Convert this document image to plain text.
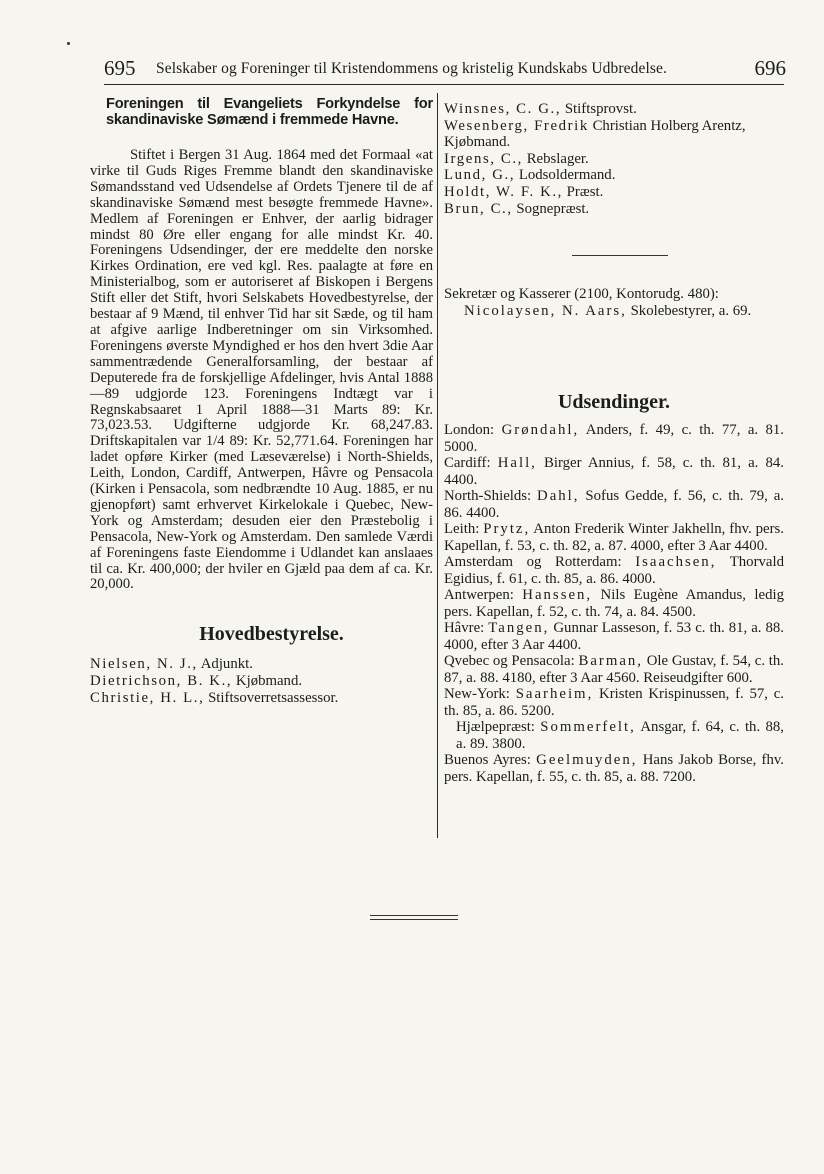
695 Selskaber og Foreninger til Kristendommens og kristelig Kundskabs Udbredelse.	696
Foreningen til Evangeliets Forkyndelse for
skandinaviske Sømænd i fremmede Havne.

Stiftet i Bergen 31 Aug. 1864 med det Formaal «at virke til Guds Riges Fremme blandt den skandinaviske Sømandsstand ved Udsendelse af Ordets Tjenere til de af skandinaviske Sømænd mest besøgte fremmede Havne». Medlem af Foreningen er Enhver, der aarlig bidrager mindst 80 Øre eller engang for alle mindst Kr. 40. Foreningens Udsendinger, der ere meddelte den norske Kirkes Ordination, ere ved kgl. Res. paalagte at føre en Ministerialbog, som er autoriseret af Biskopen i Bergens Stift eller det Stift, hvori Selskabets Hovedbestyrelse, der bestaar af 9 Mænd, til enhver Tid har sit Sæde, og til ham at afgive aarlige Indberetninger om sin Virksomhed. Foreningens øverste Myndighed er hos den hvert 3die Aar sammentrædende Generalforsamling, der bestaar af Deputerede fra de forskjellige Afdelinger, hvis Antal 1888—89 udgjorde 123. Foreningens Indtægt var i Regnskabsaaret 1 April 1888—31 Marts 89: Kr. 73,023.53. Udgifterne udgjorde Kr. 68,247.83. Driftskapitalen var 1/4 89: Kr. 52,771.64. Foreningen har ladet opføre Kirker (med Læseværelse) i North-Shields, Leith, London, Cardiff, Antwerpen, Hâvre og Pensacola (Kirken i Pensacola, som nedbrændte 10 Aug. 1885, er nu gjenopført) samt erhvervet Kirkelokale i Quebec, New-York og Amsterdam; desuden eier den Præstebolig i Pensacola, New-York og Amsterdam. Den samlede Værdi af Foreningens faste Eiendomme i Udlandet kan anslaaes til ca. Kr. 400,000; der hviler en Gjæld paa dem af ca. Kr. 20,000.

Hovedbestyrelse.
Nielsen, N. J., Adjunkt.
Dietrichson, B. K., Kjøbmand.
Christie, H. L., Stiftsoverretsassessor.
Winsnes, C. G., Stiftsprovst.
Wesenberg, Fredrik Christian Holberg Arentz, Kjøbmand.
Irgens, C., Rebslager.
Lund, G., Lodsoldermand.
Holdt, W. F. K., Præst.
Brun, C., Sognepræst.
Sekretær og Kasserer (2100, Kontorudg. 480):
Nicolaysen, N. Aars, Skolebestyrer, a. 69.
Udsendinger.

London: Grøndahl, Anders, f. 49, c. th. 77, a. 81. 5000.

Cardiff: Hall, Birger Annius, f. 58, c. th. 81, a. 84. 4400.

North-Shields: Dahl, Sofus Gedde, f. 56, c. th. 79, a. 86. 4400.

Leith: Prytz, Anton Frederik Winter Jakhelln, fhv. pers. Kapellan, f. 53, c. th. 82, a. 87. 4000, efter 3 Aar 4400.

Amsterdam og Rotterdam: Isaachsen, Thorvald Egidius, f. 61, c. th. 85, a. 86. 4000.

Antwerpen: Hanssen, Nils Eugène Amandus, ledig pers. Kapellan, f. 52, c. th. 74, a. 84. 4500.

Hâvre: Tangen, Gunnar Lasseson, f. 53 c. th. 81, a. 88. 4000, efter 3 Aar 4400.

Qvebec og Pensacola: Barman, Ole Gustav, f. 54, c. th. 87, a. 88. 4180, efter 3 Aar 4560. Reiseudgifter 600.

New-York: Saarheim, Kristen Krispinussen, f. 57, c. th. 85, a. 86. 5200.

Hjælpepræst: Sommerfelt, Ansgar, f. 64, c. th. 88, a. 89. 3800.

Buenos Ayres: Geelmuyden, Hans Jakob Borse, fhv. pers. Kapellan, f. 55, c. th. 85, a. 88. 7200.
